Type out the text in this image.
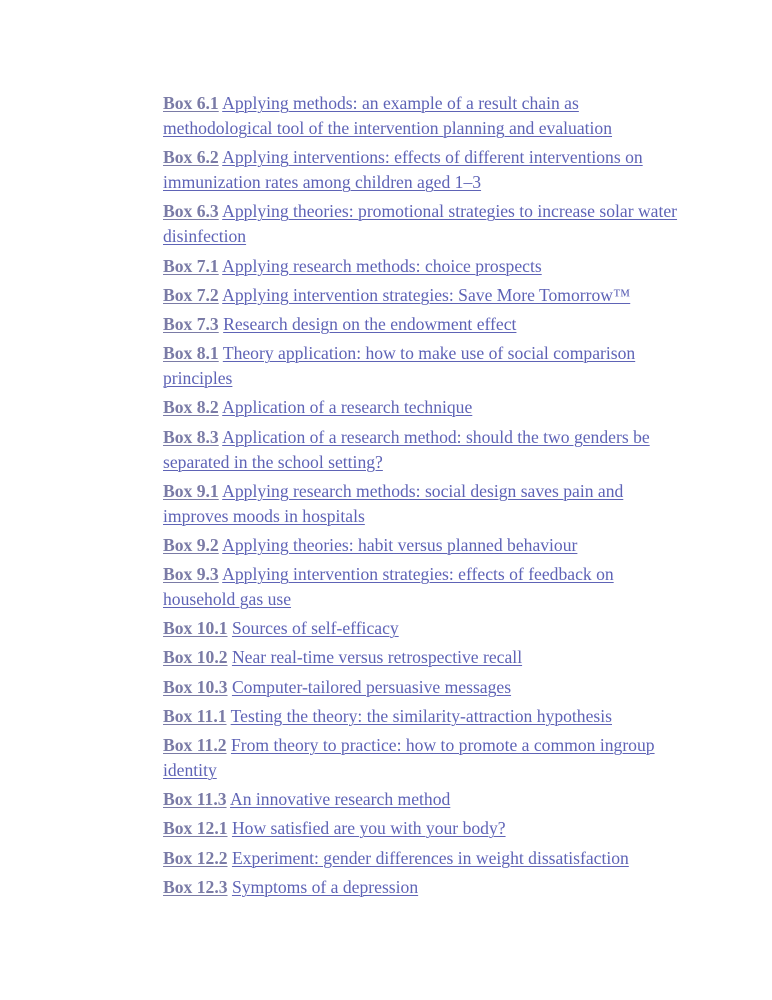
Box 6.1 Applying methods: an example of a result chain as methodological tool of the intervention planning and evaluation

Box 6.2 Applying interventions: effects of different interventions on immunization rates among children aged 1–3

Box 6.3 Applying theories: promotional strategies to increase solar water disinfection

Box 7.1 Applying research methods: choice prospects

Box 7.2 Applying intervention strategies: Save More Tomorrow™

Box 7.3 Research design on the endowment effect

Box 8.1 Theory application: how to make use of social comparison principles

Box 8.2 Application of a research technique

Box 8.3 Application of a research method: should the two genders be separated in the school setting?

Box 9.1 Applying research methods: social design saves pain and improves moods in hospitals

Box 9.2 Applying theories: habit versus planned behaviour

Box 9.3 Applying intervention strategies: effects of feedback on household gas use

Box 10.1 Sources of self-efficacy

Box 10.2 Near real-time versus retrospective recall

Box 10.3 Computer-tailored persuasive messages

Box 11.1 Testing the theory: the similarity-attraction hypothesis

Box 11.2 From theory to practice: how to promote a common ingroup identity

Box 11.3 An innovative research method

Box 12.1 How satisfied are you with your body?

Box 12.2 Experiment: gender differences in weight dissatisfaction

Box 12.3 Symptoms of a depression
